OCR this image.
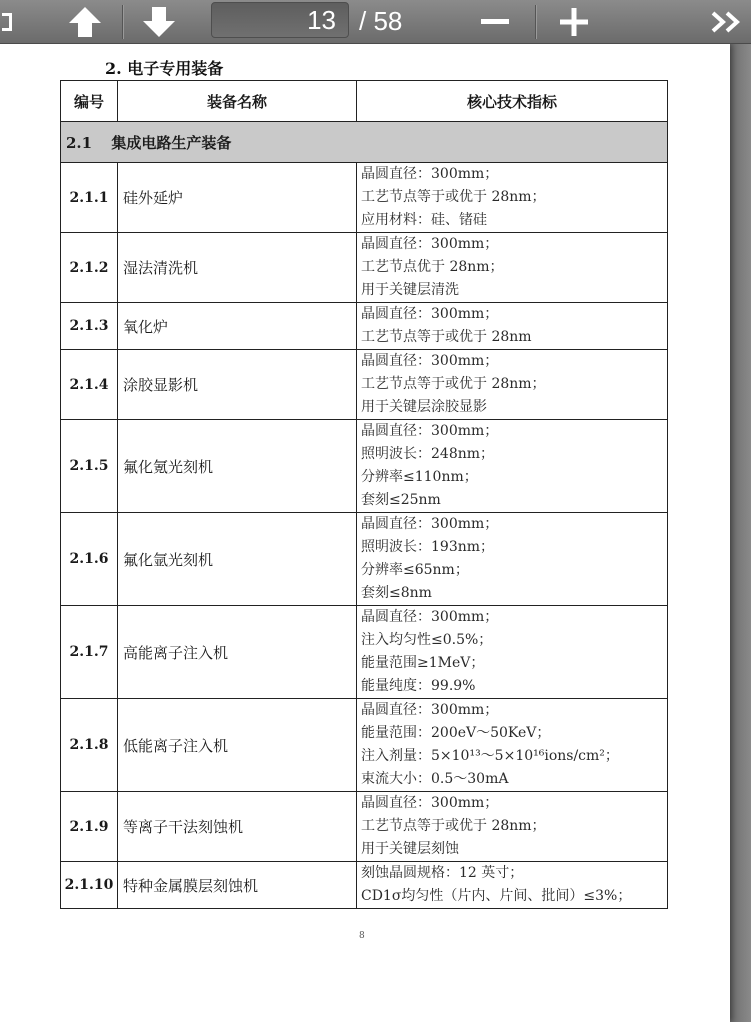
2. 电子专用装备
编号	装备名称	核心技术指标
2.1 集成电路生产装备		
2.1.1	硅外延炉	晶圆直径：300mm；
工艺节点等于或优于 28nm；
应用材料：硅、锗硅

2.1.2	湿法清洗机	晶圆直径：300mm；
工艺节点优于 28nm；
用于关键层清洗

2.1.3	氧化炉	晶圆直径：300mm；
工艺节点等于或优于 28nm

2.1.4	涂胶显影机	晶圆直径：300mm；
工艺节点等于或优于 28nm；
用于关键层涂胶显影

2.1.5	氟化氪光刻机	晶圆直径：300mm；
照明波长：248nm；
分辨率≤110nm；
套刻≤25nm

2.1.6	氟化氩光刻机	晶圆直径：300mm；
照明波长：193nm；
分辨率≤65nm；
套刻≤8nm

2.1.7	高能离子注入机	晶圆直径：300mm；
注入均匀性≤0.5%；
能量范围≥1MeV；
能量纯度：99.9%

2.1.8	低能离子注入机	晶圆直径：300mm；
能量范围：200eV～50KeV；
注入剂量：5×10¹³～5×10¹⁶ions/cm²；
束流大小：0.5～30mA

2.1.9	等离子干法刻蚀机	晶圆直径：300mm；
工艺节点等于或优于 28nm；
用于关键层刻蚀

2.1.10	特种金属膜层刻蚀机	刻蚀晶圆规格：12 英寸；
CD1σ均匀性（片内、片间、批间）≤3%；
8
13 / 58
